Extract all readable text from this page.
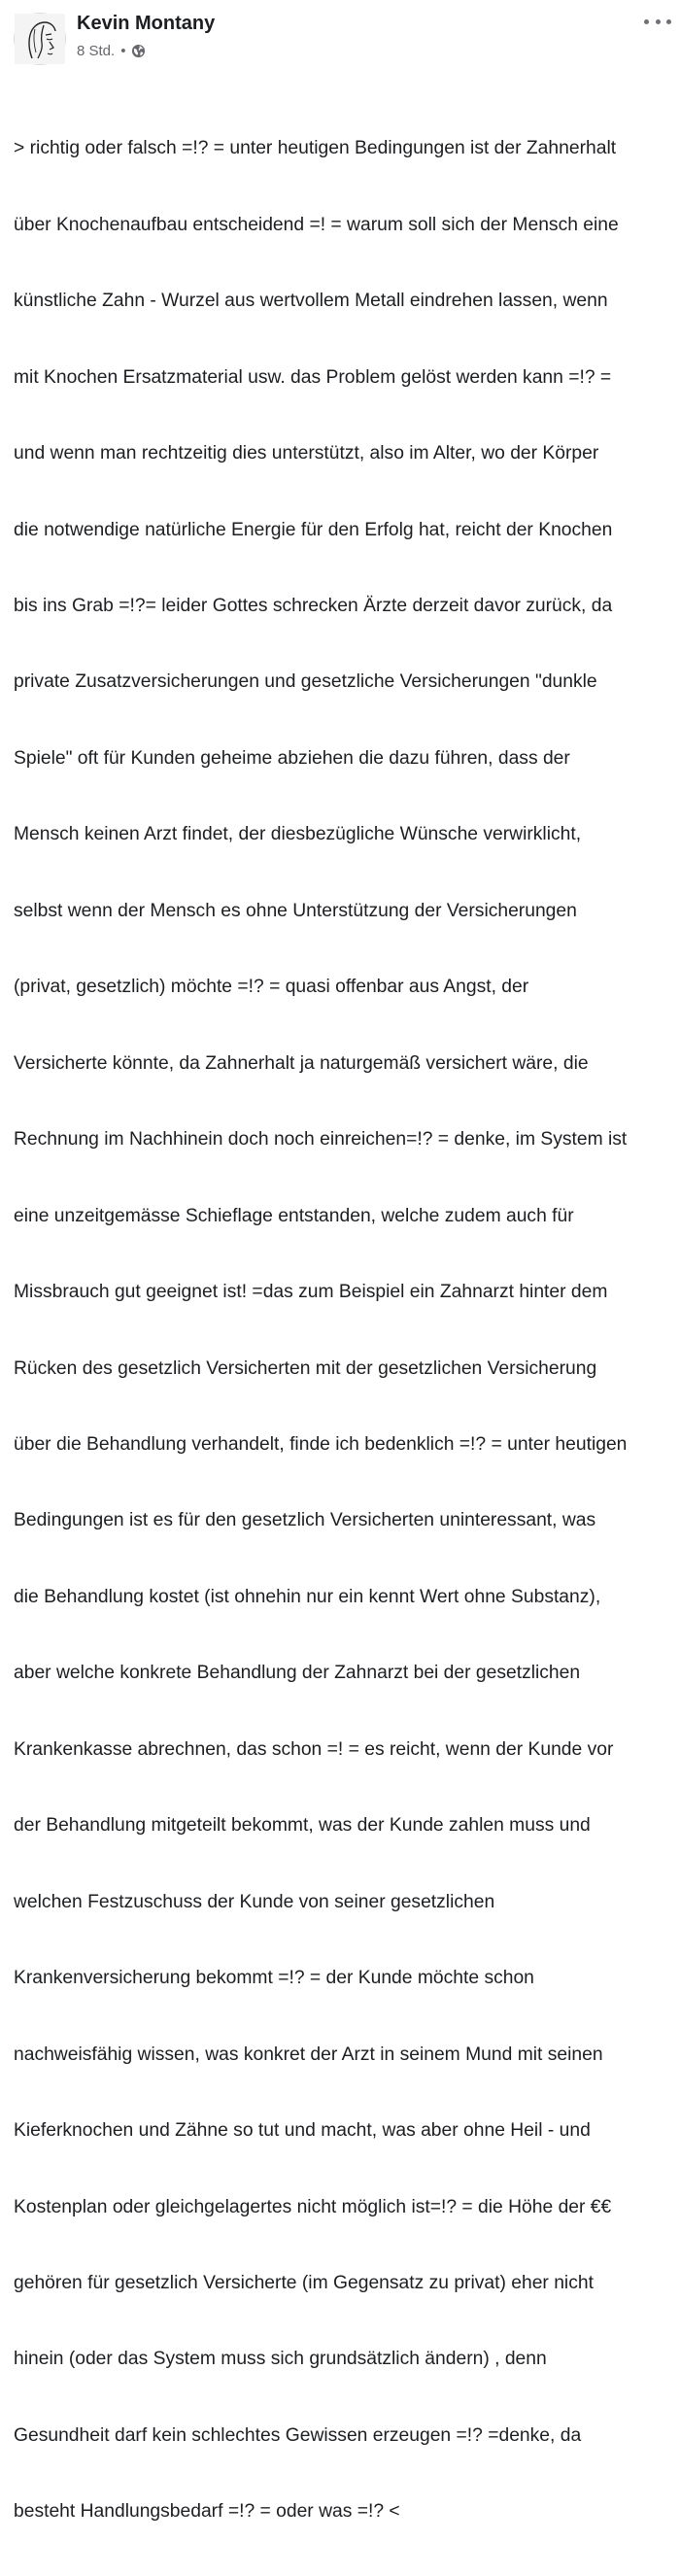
Kevin Montany
8 Std. •

> richtig oder falsch =!? = unter heutigen Bedingungen ist der Zahnerhalt

über Knochenaufbau entscheidend =! = warum soll sich der Mensch eine

künstliche Zahn - Wurzel aus wertvollem Metall eindrehen lassen, wenn

mit Knochen Ersatzmaterial usw. das Problem gelöst werden kann =!? =

und wenn man rechtzeitig dies unterstützt, also im Alter, wo der Körper

die notwendige natürliche Energie für den Erfolg hat, reicht der Knochen

bis ins Grab =!?= leider Gottes schrecken Ärzte derzeit davor zurück, da

private Zusatzversicherungen und gesetzliche Versicherungen "dunkle

Spiele" oft für Kunden geheime abziehen die dazu führen, dass der

Mensch keinen Arzt findet, der diesbezügliche Wünsche verwirklicht,

selbst wenn der Mensch es ohne Unterstützung der Versicherungen

(privat, gesetzlich) möchte =!? = quasi offenbar aus Angst, der

Versicherte könnte, da Zahnerhalt ja naturgemäß versichert wäre, die

Rechnung im Nachhinein doch noch einreichen=!? = denke, im System ist

eine unzeitgemässe Schieflage entstanden, welche zudem auch für

Missbrauch gut geeignet ist! =das zum Beispiel ein Zahnarzt hinter dem

Rücken des gesetzlich Versicherten mit der gesetzlichen Versicherung

über die Behandlung verhandelt, finde ich bedenklich =!? = unter heutigen

Bedingungen ist es für den gesetzlich Versicherten uninteressant, was

die Behandlung kostet (ist ohnehin nur ein kennt Wert ohne Substanz),

aber welche konkrete Behandlung der Zahnarzt bei der gesetzlichen

Krankenkasse abrechnen, das schon =! = es reicht, wenn der Kunde vor

der Behandlung mitgeteilt bekommt, was der Kunde zahlen muss und

welchen Festzuschuss der Kunde von seiner gesetzlichen

Krankenversicherung bekommt =!? = der Kunde möchte schon

nachweisfähig wissen, was konkret der Arzt in seinem Mund mit seinen

Kieferknochen und Zähne so tut und macht, was aber ohne Heil - und

Kostenplan oder gleichgelagertes nicht möglich ist=!? = die Höhe der €€

gehören für gesetzlich Versicherte (im Gegensatz zu privat) eher nicht

hinein (oder das System muss sich grundsätzlich ändern) , denn

Gesundheit darf kein schlechtes Gewissen erzeugen =!? =denke, da

besteht Handlungsbedarf =!? = oder was =!? <
